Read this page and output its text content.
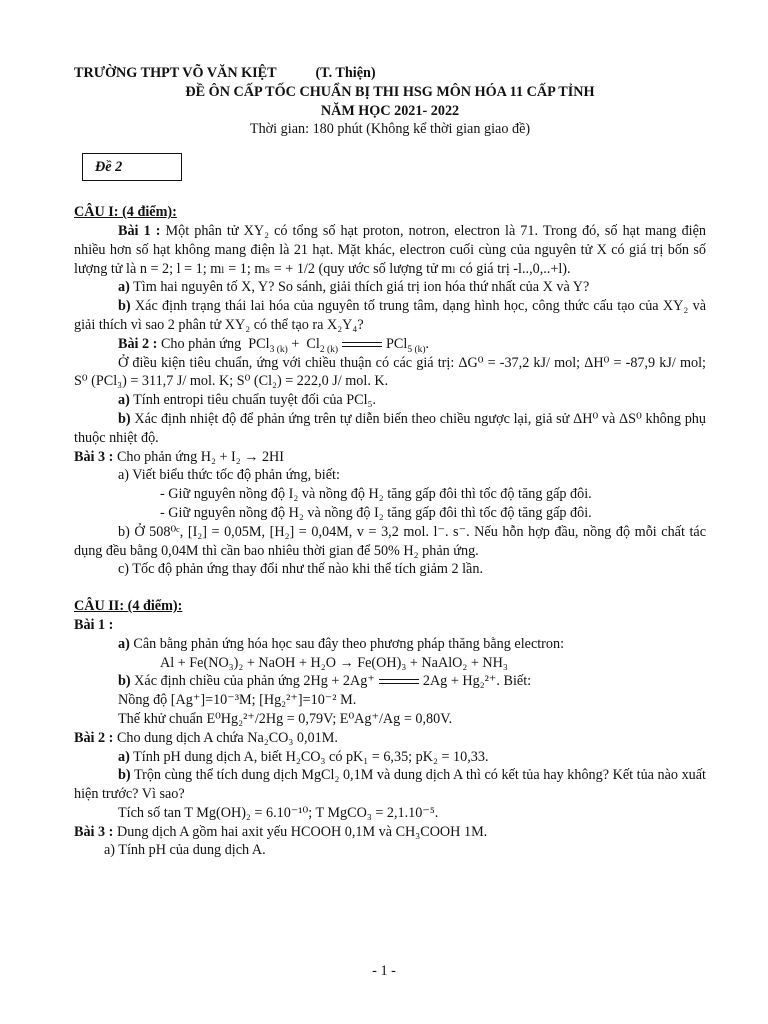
TRƯỜNG THPT VÕ VĂN KIỆT	(T. Thiện)

ĐỀ ÔN CẤP TỐC CHUẨN BỊ THI HSG MÔN HÓA 11 CẤP TỈNH

NĂM HỌC 2021- 2022

Thời gian: 180 phút (Không kể thời gian giao đề)

Đề 2

CÂU I: (4 điểm):

Bài 1 : Một phân tử XY₂ có tổng số hạt proton, notron, electron là 71. Trong đó, số hạt mang điện nhiều hơn số hạt không mang điện là 21 hạt. Mặt khác, electron cuối cùng của nguyên tử X có giá trị bốn số lượng tử là n = 2; l = 1; mₗ = 1; mₛ = + 1/2 (quy ước số lượng tử mₗ có giá trị -l..,0,..+l).

a) Tìm hai nguyên tố X, Y? So sánh, giải thích giá trị ion hóa thứ nhất của X và Y?

b) Xác định trạng thái lai hóa của nguyên tố trung tâm, dạng hình học, công thức cấu tạo của XY₂ và giải thích vì sao 2 phân tử XY₂ có thể tạo ra X₂Y₄?

Bài 2 : Cho phản ứng  $PCl_{3 (k)} + Cl_{2 (k)}$	PCl$_{5 (k)}$.

Ở điều kiện tiêu chuẩn, ứng với chiều thuận có các giá trị: ΔG⁰ = -37,2 kJ/ mol; ΔH⁰ = -87,9 kJ/ mol; S⁰ (PCl₃) = 311,7 J/ mol. K; S⁰ (Cl₂) = 222,0 J/ mol. K.

a) Tính entropi tiêu chuẩn tuyệt đối của PCl₅.

b) Xác định nhiệt độ để phản ứng trên tự diễn biến theo chiều ngược lại, giả sử ΔH⁰ và ΔS⁰ không phụ thuộc nhiệt độ.

Bài 3 : Cho phản ứng H₂ + I₂ → 2HI

a) Viết biểu thức tốc độ phản ứng, biết:

- Giữ nguyên nồng độ I₂ và nồng độ H₂ tăng gấp đôi thì tốc độ tăng gấp đôi.

- Giữ nguyên nồng độ H₂ và nồng độ I₂ tăng gấp đôi thì tốc độ tăng gấp đôi.

b) Ở 508⁰ᶜ, [I₂] = 0,05M, [H₂] = 0,04M, v = 3,2 mol. l⁻. s⁻. Nếu hỗn hợp đầu, nồng độ mỗi chất tác dụng đều bằng 0,04M thì cần bao nhiêu thời gian để 50% H₂ phản ứng.

c) Tốc độ phản ứng thay đổi như thế nào khi thể tích giảm 2 lần.

CÂU II: (4 điểm):

Bài 1 :

a) Cân bằng phản ứng hóa học sau đây theo phương pháp thăng bằng electron:

Al + Fe(NO₃)₂ + NaOH + H₂O → Fe(OH)₃ + NaAlO₂ + NH₃

b) Xác định chiều của phản ứng 2Hg + 2Ag⁺	2Ag + Hg₂²⁺. Biết:

Nồng độ [Ag⁺]=10⁻³M; [Hg₂²⁺]=10⁻² M.

Thế khử chuẩn E⁰Hg₂²⁺/2Hg = 0,79V; E⁰Ag⁺/Ag = 0,80V.

Bài 2 : Cho dung dịch A chứa Na₂CO₃ 0,01M.

a) Tính pH dung dịch A, biết H₂CO₃ có pK₁ = 6,35; pK₂ = 10,33.

b) Trộn cùng thể tích dung dịch MgCl₂ 0,1M và dung dịch A thì có kết tủa hay không? Kết tủa nào xuất hiện trước? Vì sao?

Tích số tan T Mg(OH)₂ = 6.10⁻¹⁰; T MgCO₃ = 2,1.10⁻⁵.

Bài 3 : Dung dịch A gồm hai axit yếu HCOOH 0,1M và CH₃COOH 1M.

a) Tính pH của dung dịch A.

- 1 -
